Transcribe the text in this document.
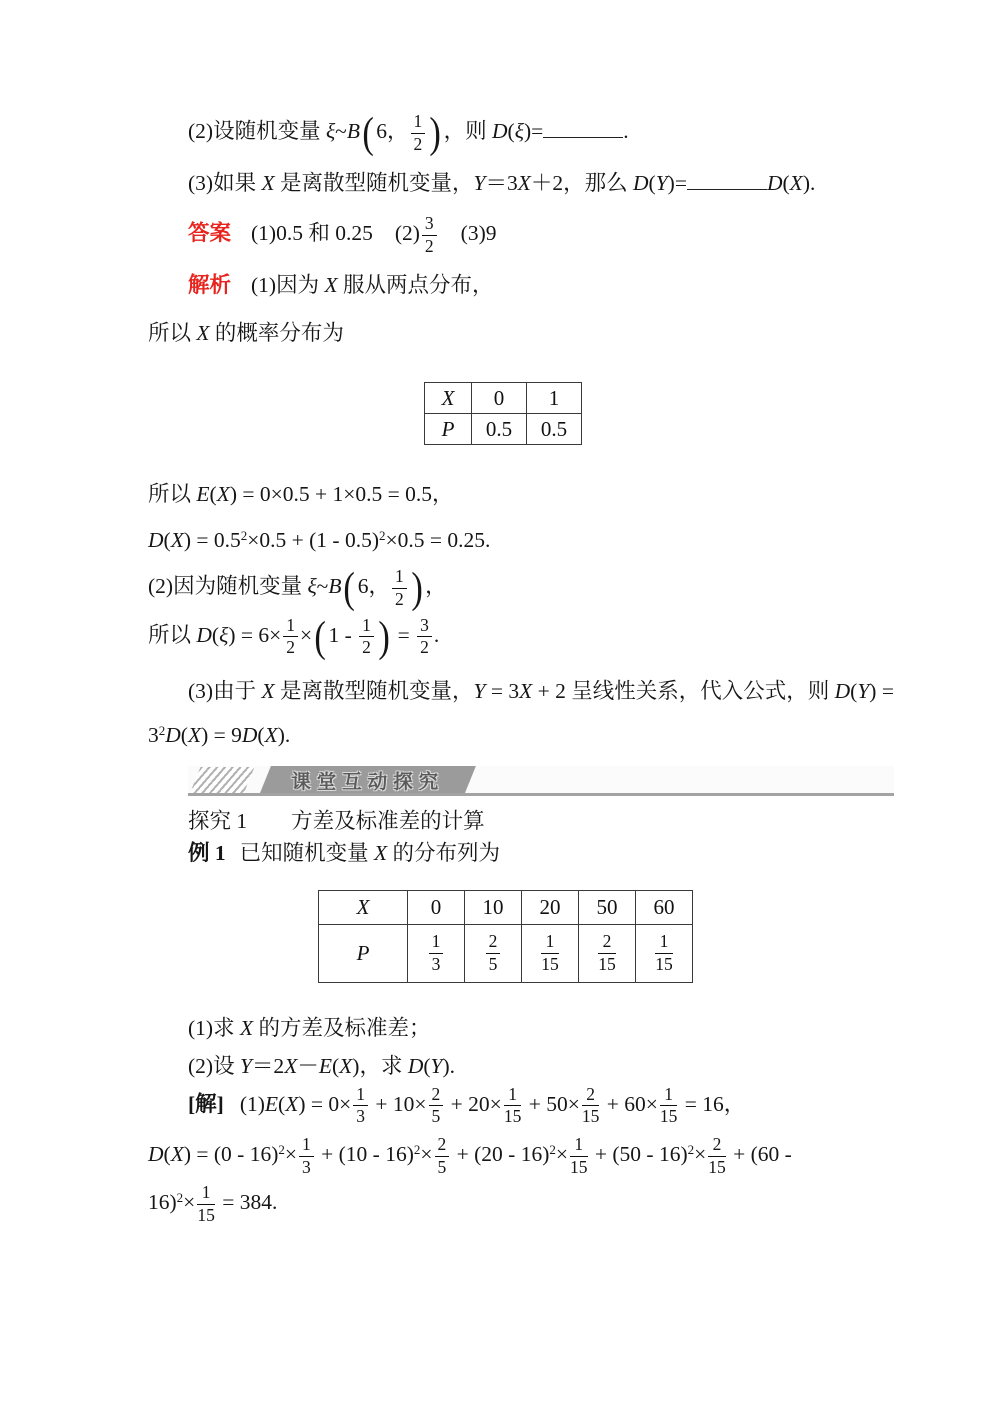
(2)设随机变量 ξ~B( 6， $\frac{1}{2}$ ) ，则 D(ξ)=	.
(3)如果 X 是离散型随机变量，Y＝3X＋2，那么 D(Y)=	D(X).
答案 (1)0.5 和 0.25 $(2) \frac{3}{2} (3)9$
解析 (1)因为 X 服从两点分布，
所以 X 的概率分布为
X	0	1
P	0.5	0.5
所以 E(X) = 0×0.5 + 1×0.5 = 0.5，
$D(X) = 0.5^2\times 0.5 + (1 - 0.5)^2\times 0.5 = 0.25$.
(2)因为随机变量 ξ~B( 6， $\frac{1}{2}$ ) ，
所以 $D(\xi) = 6\times \frac{1}{2}$ ×( $1 - \frac{1}{2}$ ) = $\frac{3}{2}$ .
(3)由于 X 是离散型随机变量，Y = 3X + 2 呈线性关系，代入公式，则 D(Y) =
$3^2D(X) = 9D(X)$.
课堂互动探究
探究 1 方差及标准差的计算
例 1 已知随机变量 X 的分布列为
X	0	10	20	50	60
P	$\frac{1}{3}$	$\frac{2}{5}$	$\frac{1}{15}$	$\frac{2}{15}$	$\frac{1}{15}$
(1)求 X 的方差及标准差；
(2)设 Y＝2X－E(X)，求 D(Y).
[解] $(1)E(X) = 0\times \frac{1}{3} + 10\times \frac{2}{5} + 20\times \frac{1}{15} + 50\times \frac{2}{15} + 60\times \frac{1}{15} = 16$，
$D(X) = (0 - 16)^2\times \frac{1}{3} + (10 - 16)^2\times \frac{2}{5} + (20 - 16)^2\times \frac{1}{15} + (50 - 16)^2\times \frac{2}{15} + (60$ -
$16)^2\times \frac{1}{15} = 384$.
